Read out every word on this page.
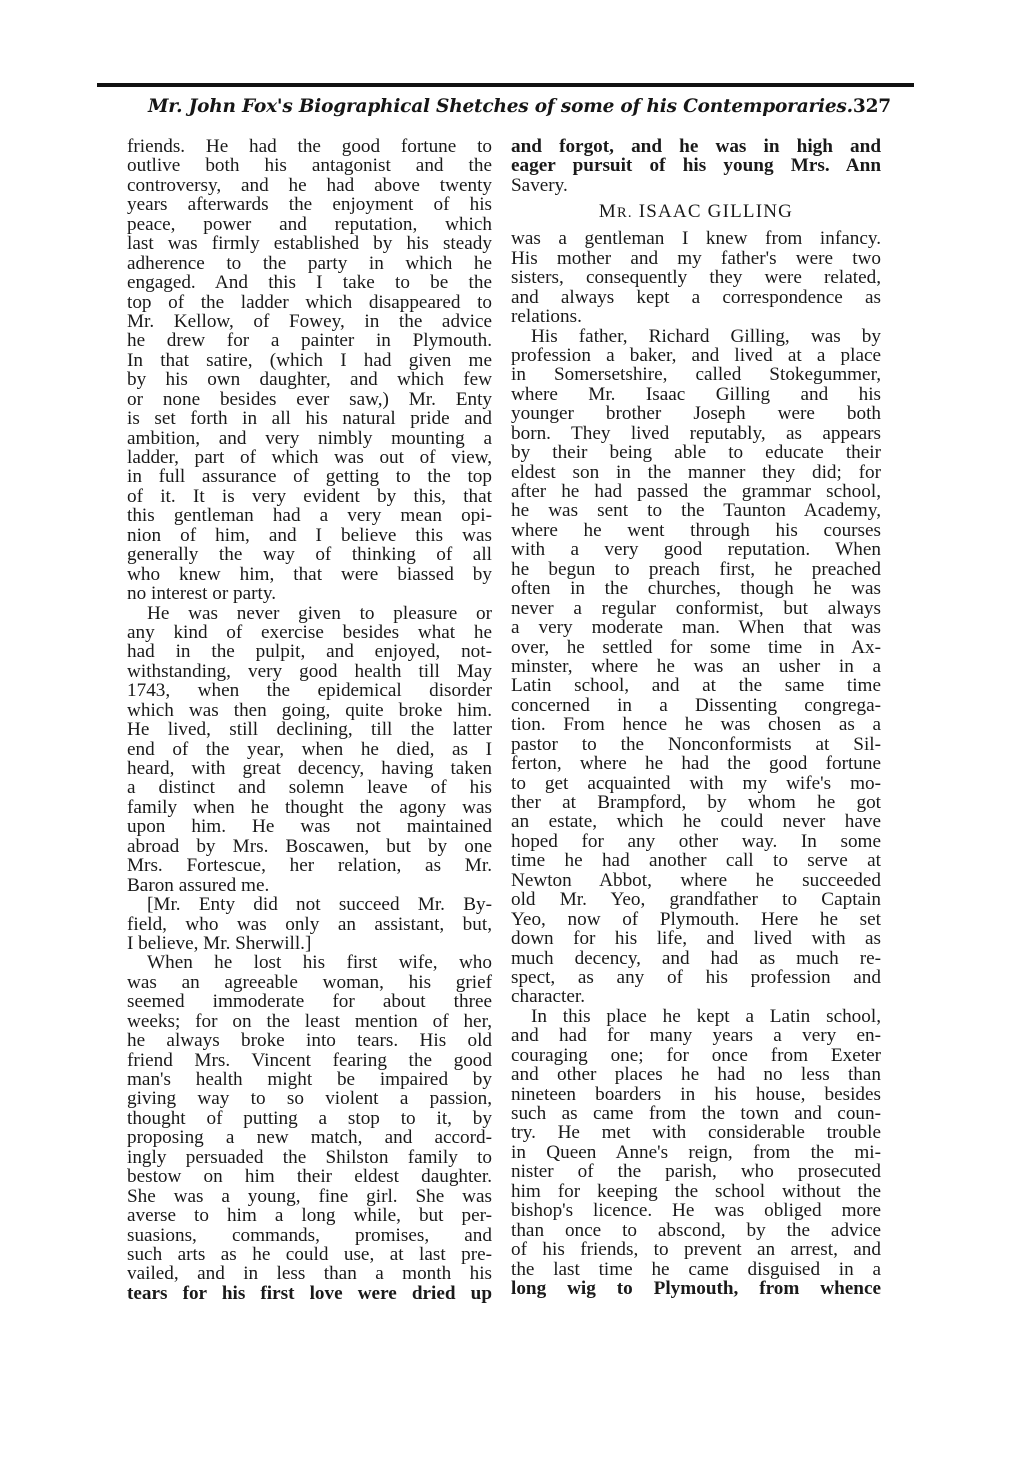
Mr. John Fox's Biographical Shetches of some of his Contemporaries. 327
friends. He had the good fortune to
outlive both his antagonist and the
controversy, and he had above twenty
years afterwards the enjoyment of his
peace, power and reputation, which
last was firmly established by his steady
adherence to the party in which he
engaged. And this I take to be the
top of the ladder which disappeared to
Mr. Kellow, of Fowey, in the advice
he drew for a painter in Plymouth.
In that satire, (which I had given me
by his own daughter, and which few
or none besides ever saw,) Mr. Enty
is set forth in all his natural pride and
ambition, and very nimbly mounting a
ladder, part of which was out of view,
in full assurance of getting to the top
of it. It is very evident by this, that
this gentleman had a very mean opi-
nion of him, and I believe this was
generally the way of thinking of all
who knew him, that were biassed by
no interest or party.
He was never given to pleasure or
any kind of exercise besides what he
had in the pulpit, and enjoyed, not-
withstanding, very good health till May
1743, when the epidemical disorder
which was then going, quite broke him.
He lived, still declining, till the latter
end of the year, when he died, as I
heard, with great decency, having taken
a distinct and solemn leave of his
family when he thought the agony was
upon him. He was not maintained
abroad by Mrs. Boscawen, but by one
Mrs. Fortescue, her relation, as Mr.
Baron assured me.
[Mr. Enty did not succeed Mr. By-
field, who was only an assistant, but,
I believe, Mr. Sherwill.]
When he lost his first wife, who
was an agreeable woman, his grief
seemed immoderate for about three
weeks; for on the least mention of her,
he always broke into tears. His old
friend Mrs. Vincent fearing the good
man's health might be impaired by
giving way to so violent a passion,
thought of putting a stop to it, by
proposing a new match, and accord-
ingly persuaded the Shilston family to
bestow on him their eldest daughter.
She was a young, fine girl. She was
averse to him a long while, but per-
suasions, commands, promises, and
such arts as he could use, at last pre-
vailed, and in less than a month his
tears for his first love were dried up
and forgot, and he was in high and
eager pursuit of his young Mrs. Ann
Savery.
MR. ISAAC GILLING
was a gentleman I knew from infancy.
His mother and my father's were two
sisters, consequently they were related,
and always kept a correspondence as
relations.
His father, Richard Gilling, was by
profession a baker, and lived at a place
in Somersetshire, called Stokegummer,
where Mr. Isaac Gilling and his
younger brother Joseph were both
born. They lived reputably, as appears
by their being able to educate their
eldest son in the manner they did; for
after he had passed the grammar school,
he was sent to the Taunton Academy,
where he went through his courses
with a very good reputation. When
he begun to preach first, he preached
often in the churches, though he was
never a regular conformist, but always
a very moderate man. When that was
over, he settled for some time in Ax-
minster, where he was an usher in a
Latin school, and at the same time
concerned in a Dissenting congrega-
tion. From hence he was chosen as a
pastor to the Nonconformists at Sil-
ferton, where he had the good fortune
to get acquainted with my wife's mo-
ther at Brampford, by whom he got
an estate, which he could never have
hoped for any other way. In some
time he had another call to serve at
Newton Abbot, where he succeeded
old Mr. Yeo, grandfather to Captain
Yeo, now of Plymouth. Here he set
down for his life, and lived with as
much decency, and had as much re-
spect, as any of his profession and
character.
In this place he kept a Latin school,
and had for many years a very en-
couraging one; for once from Exeter
and other places he had no less than
nineteen boarders in his house, besides
such as came from the town and coun-
try. He met with considerable trouble
in Queen Anne's reign, from the mi-
nister of the parish, who prosecuted
him for keeping the school without the
bishop's licence. He was obliged more
than once to abscond, by the advice
of his friends, to prevent an arrest, and
the last time he came disguised in a
long wig to Plymouth, from whence
